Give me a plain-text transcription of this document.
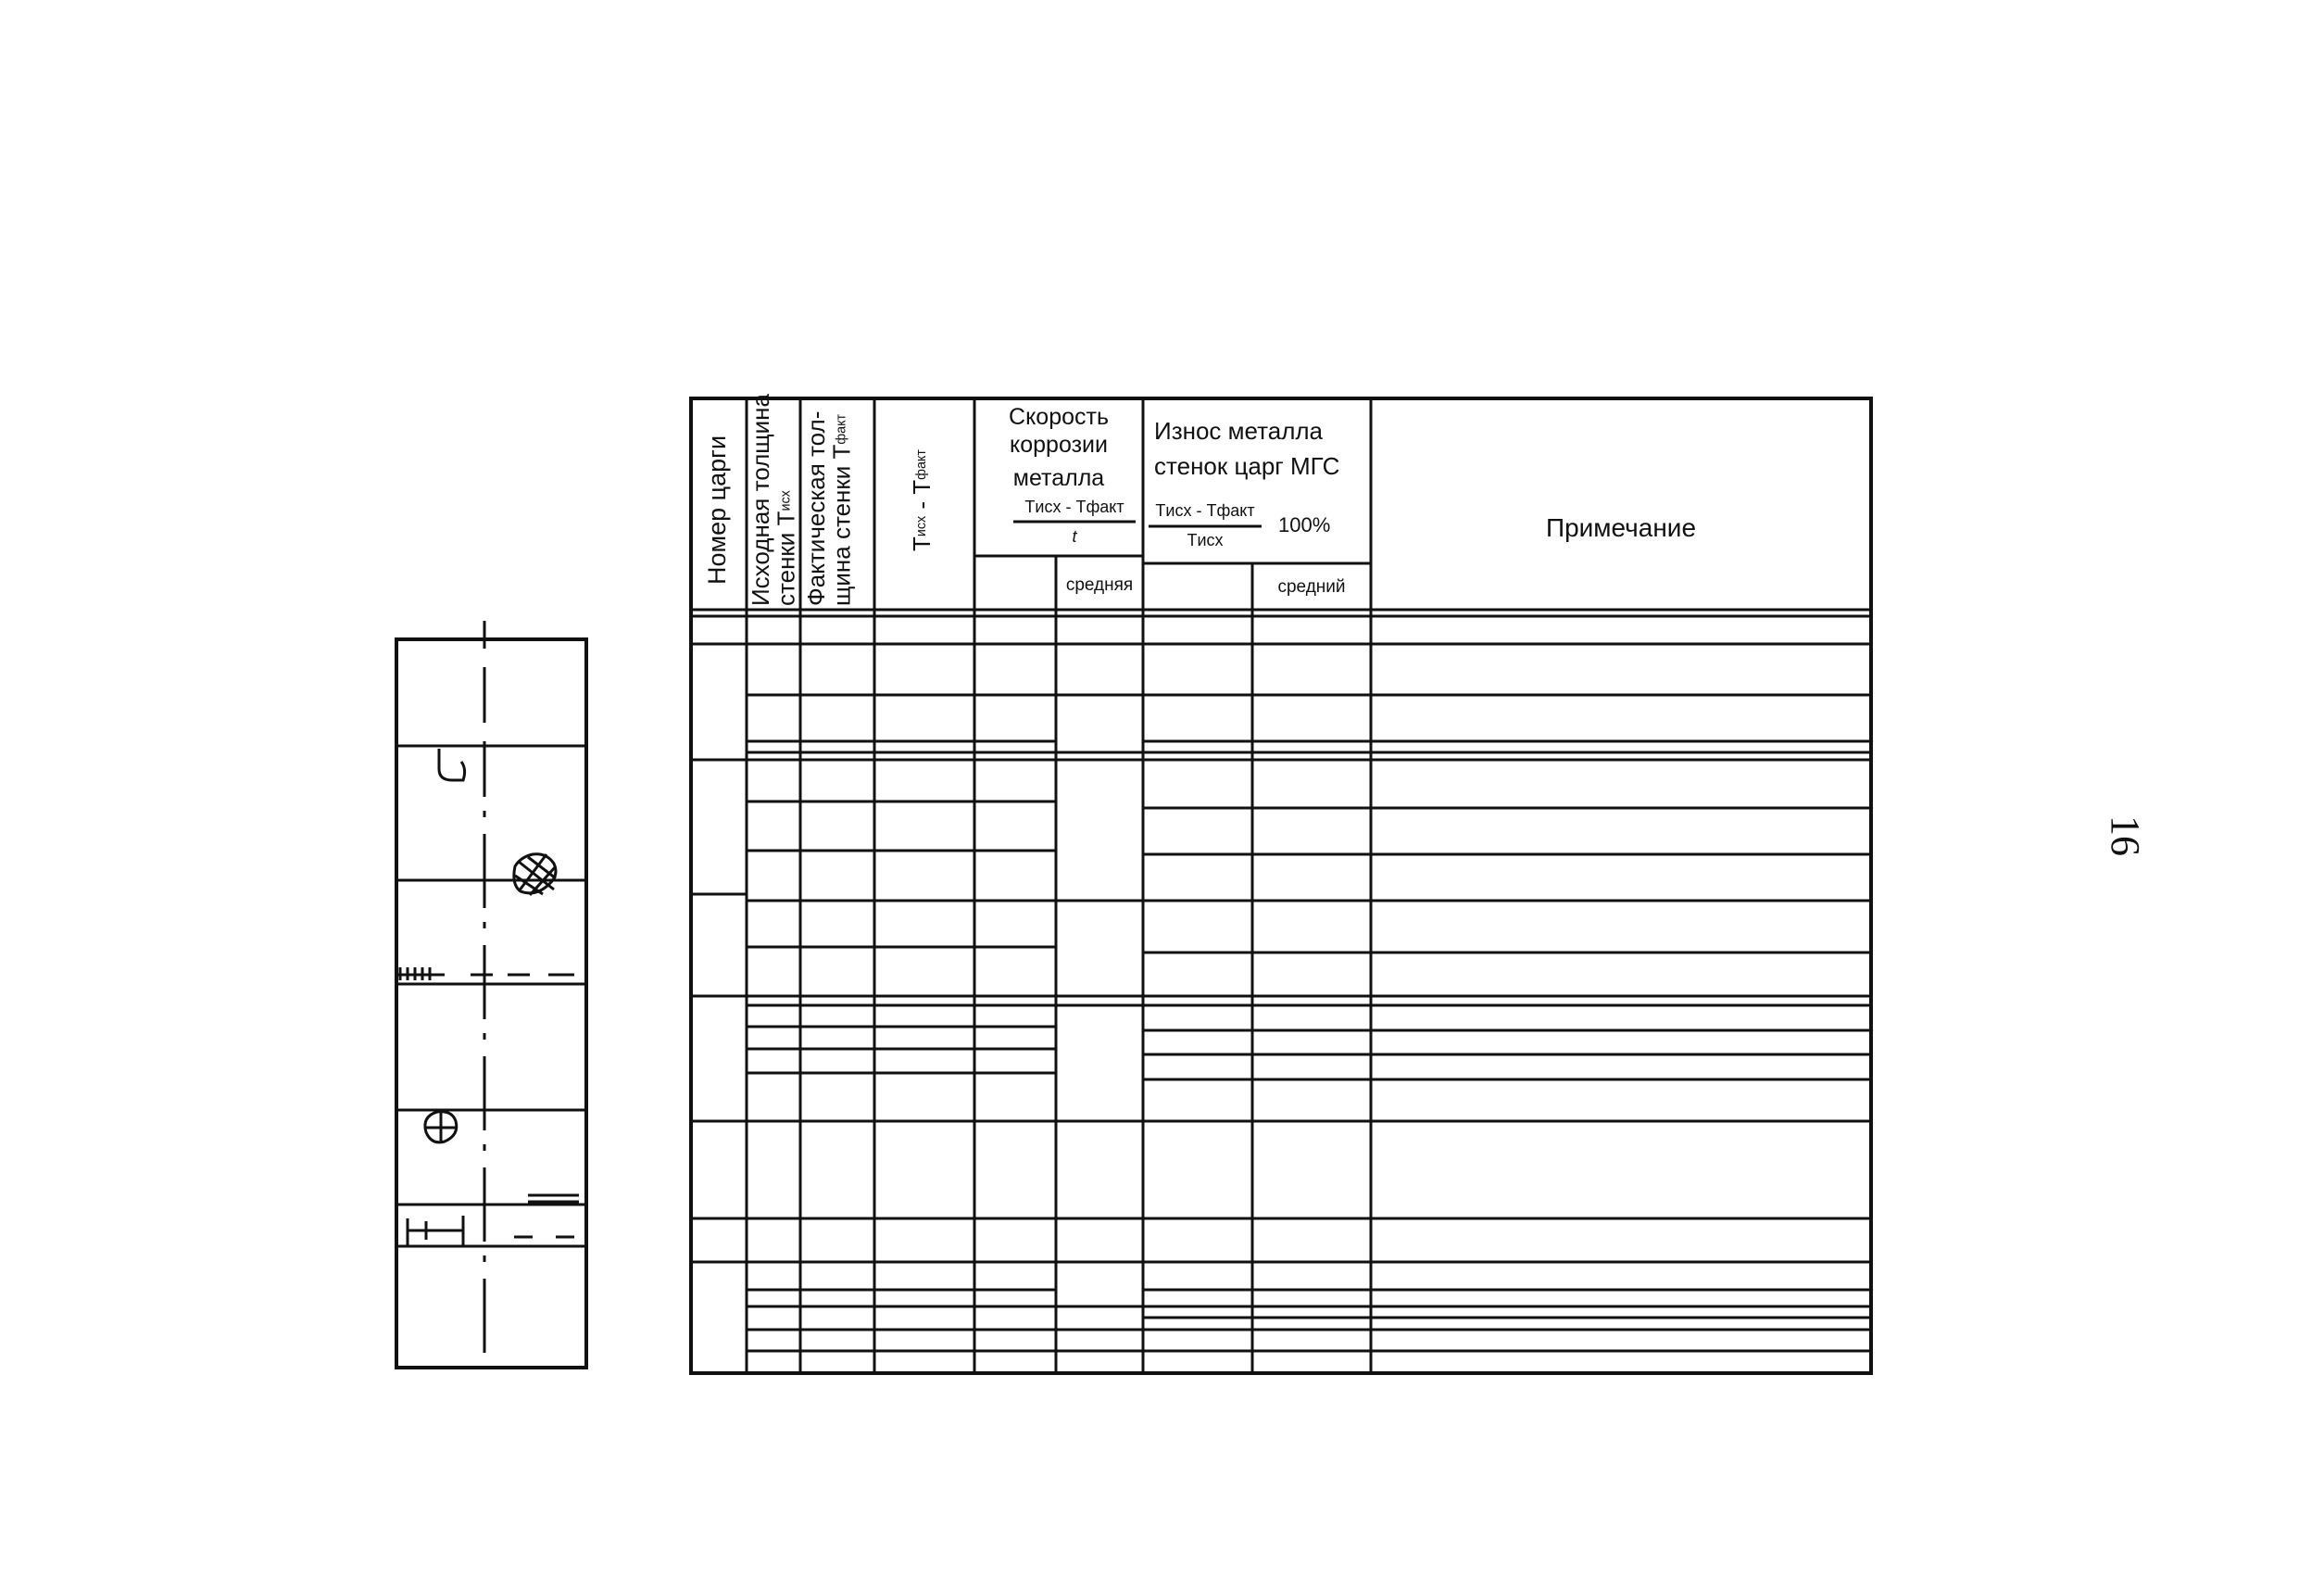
Номер царги Исходная толщина
стенки Tисх Фактическая тол-
щина стенки Tфакт
Tисх - Tфакт
Скорость
коррозии
металла
Tисх - Tфакт
t
средняя
Износ металла
стенок царг МГС
Tисх - Tфакт
Tисх
100%
средний
Примечание
16
